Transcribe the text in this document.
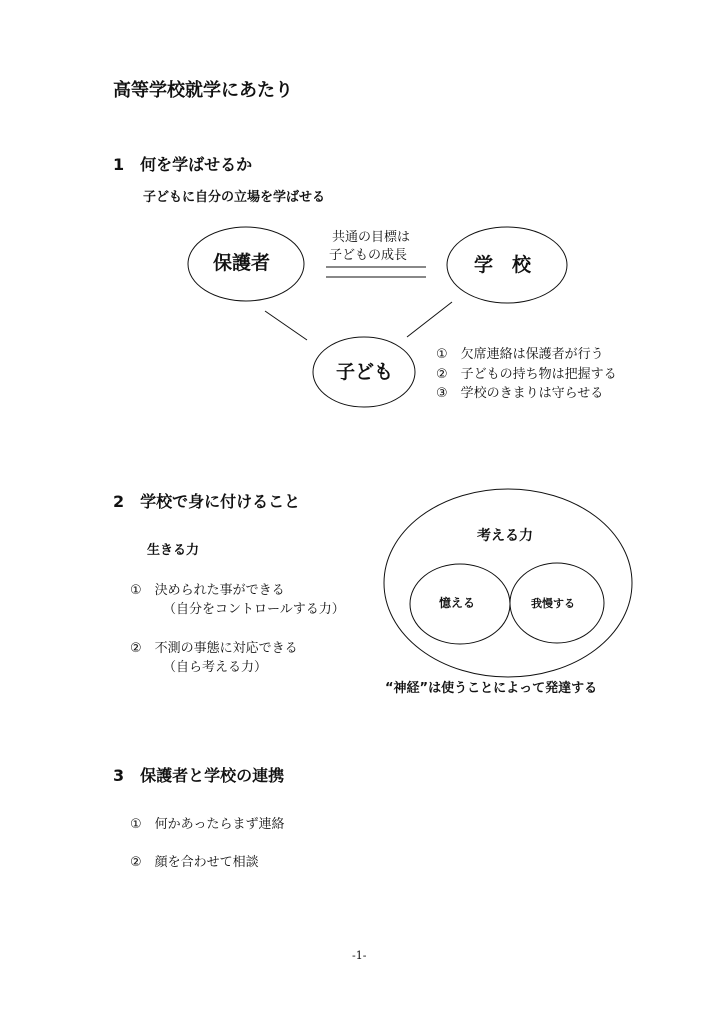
高等学校就学にあたり
1　何を学ばせるか
子どもに自分の立場を学ばせる
保護者	学　校
子ども
共通の目標は
子どもの成長
①　欠席連絡は保護者が行う
②　子どもの持ち物は把握する
③　学校のきまりは守らせる
2　学校で身に付けること
生きる力
①　決められた事ができる
（自分をコントロールする力）
②　不測の事態に対応できる
（自ら考える力）
考える力
憶える	我慢する
“神経”は使うことによって発達する
3　保護者と学校の連携
①　何かあったらまず連絡
②　顔を合わせて相談
-1-
